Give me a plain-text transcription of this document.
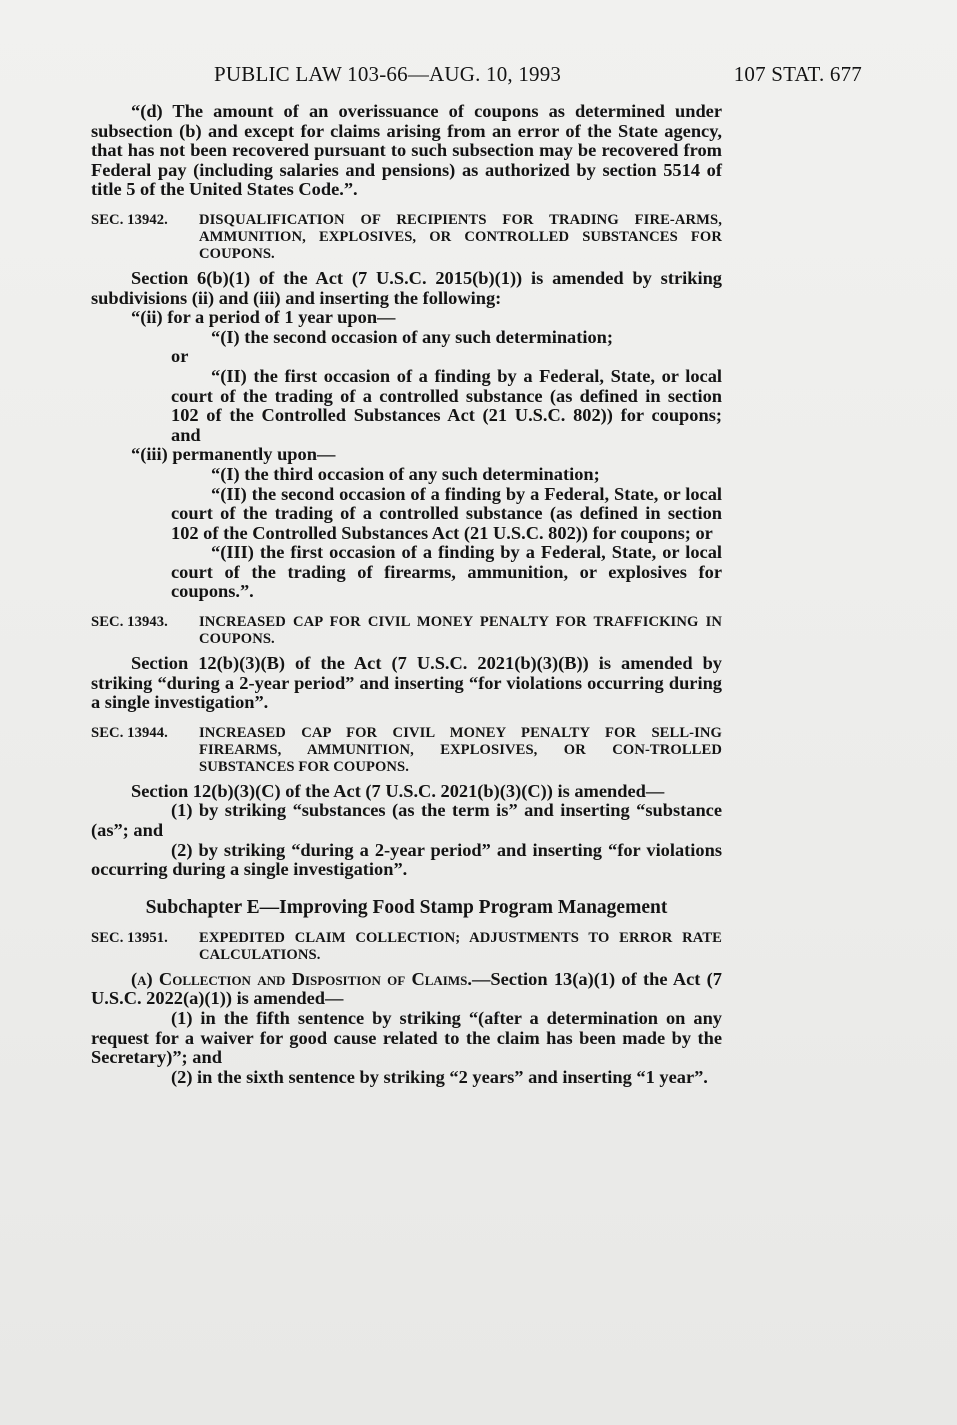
PUBLIC LAW 103-66—AUG. 10, 1993	107 STAT. 677

“(d) The amount of an overissuance of coupons as determined under subsection (b) and except for claims arising from an error of the State agency, that has not been recovered pursuant to such subsection may be recovered from Federal pay (including salaries and pensions) as authorized by section 5514 of title 5 of the United States Code.”.

SEC. 13942.	DISQUALIFICATION OF RECIPIENTS FOR TRADING FIRE-ARMS, AMMUNITION, EXPLOSIVES, OR CONTROLLED SUBSTANCES FOR COUPONS.

Section 6(b)(1) of the Act (7 U.S.C. 2015(b)(1)) is amended by striking subdivisions (ii) and (iii) and inserting the following:

“(ii) for a period of 1 year upon—

“(I) the second occasion of any such determination;

or

“(II) the first occasion of a finding by a Federal, State, or local court of the trading of a controlled substance (as defined in section 102 of the Controlled Substances Act (21 U.S.C. 802)) for coupons; and

“(iii) permanently upon—

“(I) the third occasion of any such determination;

“(II) the second occasion of a finding by a Federal, State, or local court of the trading of a controlled substance (as defined in section 102 of the Controlled Substances Act (21 U.S.C. 802)) for coupons; or

“(III) the first occasion of a finding by a Federal, State, or local court of the trading of firearms, ammunition, or explosives for coupons.”.

SEC. 13943.	INCREASED CAP FOR CIVIL MONEY PENALTY FOR TRAFFICKING IN COUPONS.

Section 12(b)(3)(B) of the Act (7 U.S.C. 2021(b)(3)(B)) is amended by striking “during a 2-year period” and inserting “for violations occurring during a single investigation”.

SEC. 13944.	INCREASED CAP FOR CIVIL MONEY PENALTY FOR SELL-ING FIREARMS, AMMUNITION, EXPLOSIVES, OR CON-TROLLED SUBSTANCES FOR COUPONS.

Section 12(b)(3)(C) of the Act (7 U.S.C. 2021(b)(3)(C)) is amended—

(1) by striking “substances (as the term is” and inserting “substance (as”; and

(2) by striking “during a 2-year period” and inserting “for violations occurring during a single investigation”.

Subchapter E—Improving Food Stamp Program Management
SEC. 13951.	EXPEDITED CLAIM COLLECTION; ADJUSTMENTS TO ERROR RATE CALCULATIONS.

(a) Collection and Disposition of Claims.—Section 13(a)(1) of the Act (7 U.S.C. 2022(a)(1)) is amended—

(1) in the fifth sentence by striking “(after a determination on any request for a waiver for good cause related to the claim has been made by the Secretary)”; and

(2) in the sixth sentence by striking “2 years” and inserting “1 year”.
